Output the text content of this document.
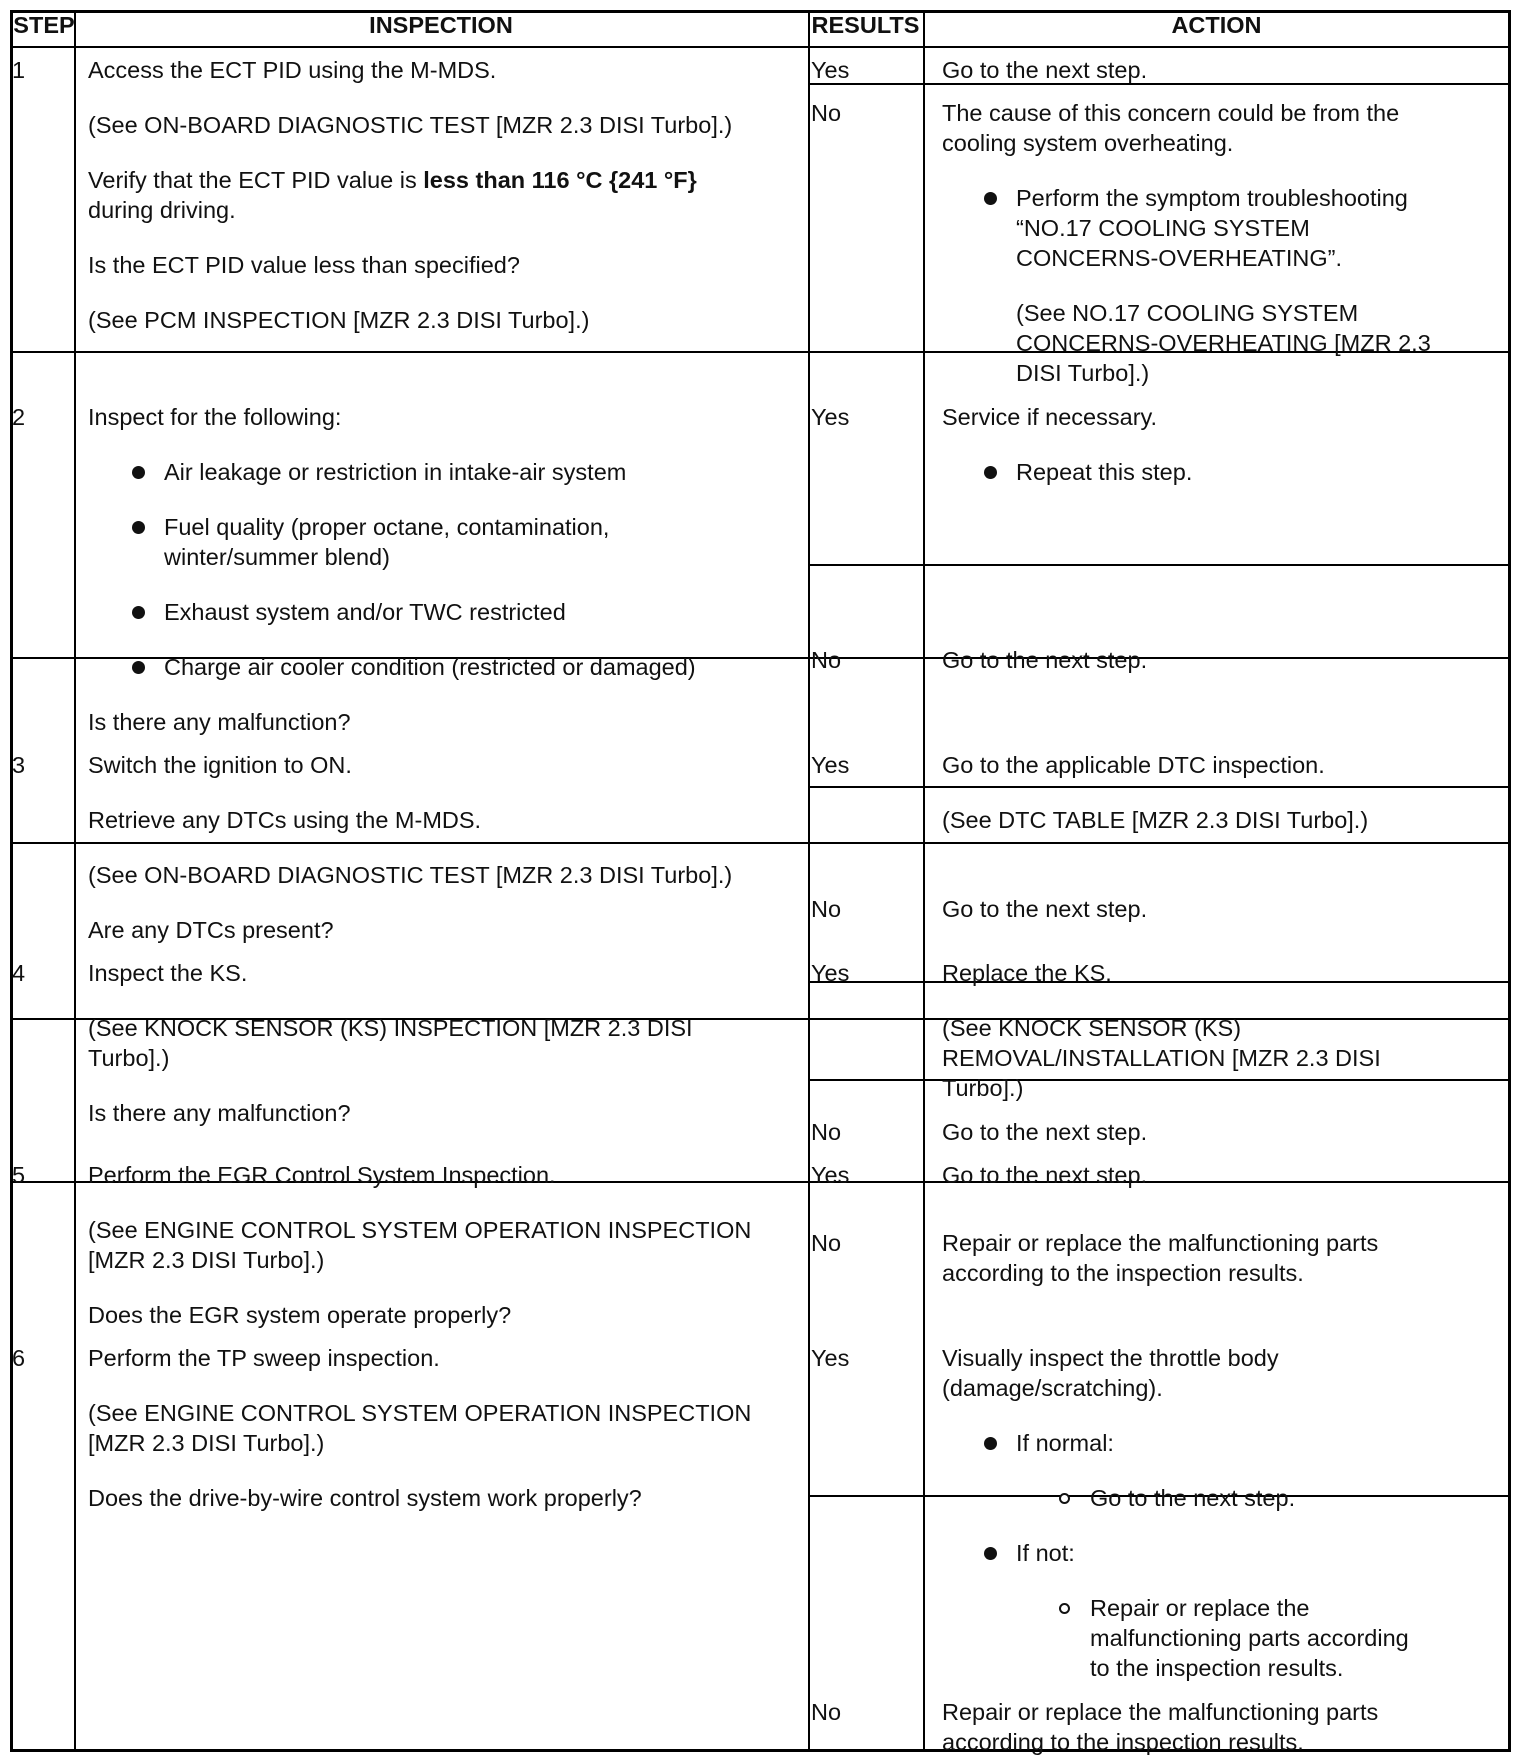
STEP	INSPECTION	RESULTS	ACTION

1	Access the ECT PID using the M-MDS.

(See ON-BOARD DIAGNOSTIC TEST [MZR 2.3 DISI Turbo].)

Verify that the ECT PID value is less than 116 °C {241 °F}

during driving.

Is the ECT PID value less than specified?

(See PCM INSPECTION [MZR 2.3 DISI Turbo].)

Yes	Go to the next step.

No	The cause of this concern could be from the

cooling system overheating.

Perform the symptom troubleshooting

“NO.17 COOLING SYSTEM

CONCERNS-OVERHEATING”.

(See NO.17 COOLING SYSTEM

CONCERNS-OVERHEATING [MZR 2.3

DISI Turbo].)

2	Inspect for the following:

Air leakage or restriction in intake-air system

Fuel quality (proper octane, contamination,

winter/summer blend)

Exhaust system and/or TWC restricted

Charge air cooler condition (restricted or damaged)

Is there any malfunction?

Yes	Service if necessary.

Repeat this step.

No	Go to the next step.

3	Switch the ignition to ON.

Retrieve any DTCs using the M-MDS.

(See ON-BOARD DIAGNOSTIC TEST [MZR 2.3 DISI Turbo].)

Are any DTCs present?

Yes	Go to the applicable DTC inspection.

(See DTC TABLE [MZR 2.3 DISI Turbo].)

No	Go to the next step.

4	Inspect the KS.

(See KNOCK SENSOR (KS) INSPECTION [MZR 2.3 DISI

Turbo].)

Is there any malfunction?

Yes	Replace the KS.

(See KNOCK SENSOR (KS)

REMOVAL/INSTALLATION [MZR 2.3 DISI

Turbo].)

No	Go to the next step.

5	Perform the EGR Control System Inspection.

(See ENGINE CONTROL SYSTEM OPERATION INSPECTION

[MZR 2.3 DISI Turbo].)

Does the EGR system operate properly?

Yes	Go to the next step.

No	Repair or replace the malfunctioning parts

according to the inspection results.

6	Perform the TP sweep inspection.

(See ENGINE CONTROL SYSTEM OPERATION INSPECTION

[MZR 2.3 DISI Turbo].)

Does the drive-by-wire control system work properly?

Yes	Visually inspect the throttle body

(damage/scratching).

If normal:

Go to the next step.

If not:

Repair or replace the

malfunctioning parts according

to the inspection results.

No	Repair or replace the malfunctioning parts

according to the inspection results.
